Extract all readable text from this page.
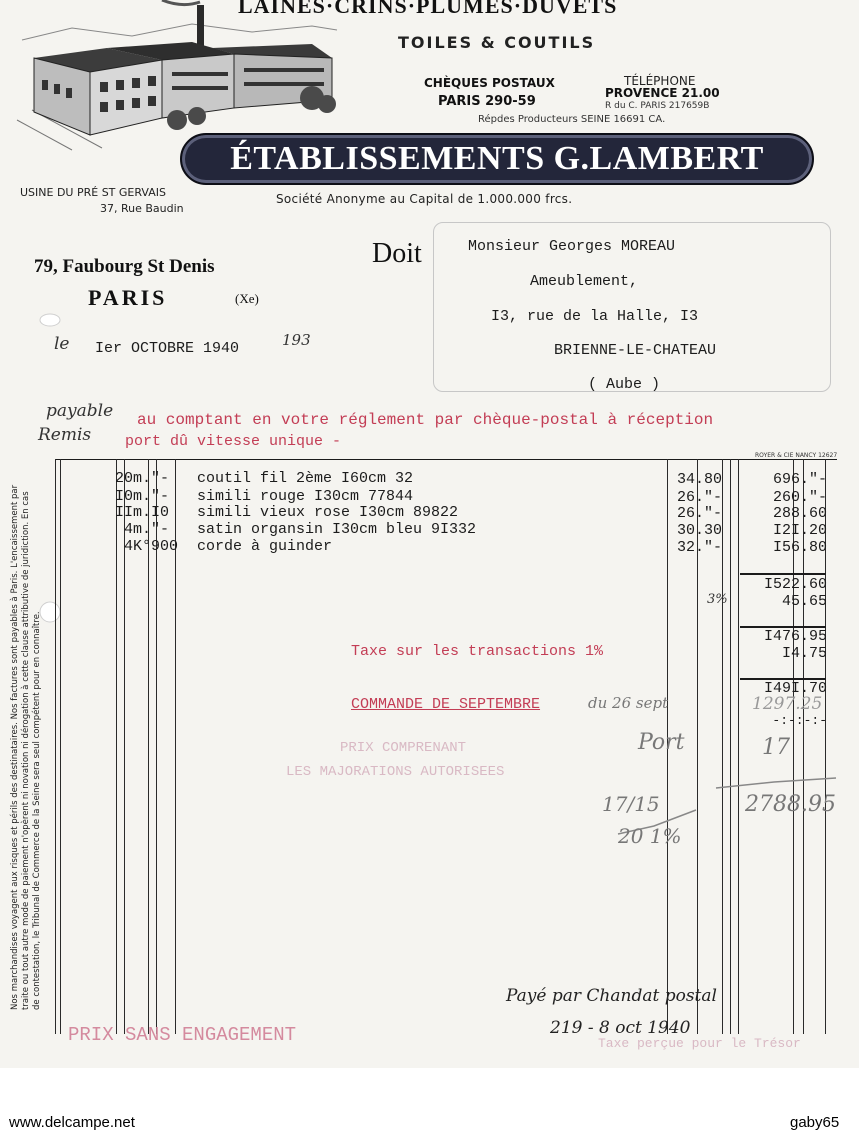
LAINES·CRINS·PLUMES·DUVETS
TOILES & COUTILS
CHÈQUES POSTAUX
PARIS 290-59
TÉLÉPHONE
PROVENCE 21.00
R du C. PARIS 217659B
Répdes Producteurs SEINE 16691 CA.
ÉTABLISSEMENTS G.LAMBERT
USINE DU PRÉ ST GERVAIS
37, Rue Baudin
Société Anonyme au Capital de 1.000.000 frcs.
79, Faubourg St Denis
PARIS	(Xe)
le Ier OCTOBRE 1940	193
Doit	Monsieur Georges MOREAU
Ameublement,
I3, rue de la Halle, I3
BRIENNE-LE-CHATEAU
( Aube )
payable au comptant en votre réglement par chèque-postal à réception
Remis port dû vitesse unique -
ROYER & CIE NANCY 12627
20m."- coutil fil 2ème I60cm 32	34.80	696."-
I0m."- simili rouge I30cm 77844	26."-	260."-
IIm.I0 simili vieux rose I30cm 89822	26."-	288.60
4m."- satin organsin I30cm bleu 9I332	30.30	I2I.20
4K°900 corde à guinder	32."-	I56.80
I522.60
3%	45.65
I476.95
Taxe sur les transactions 1%	I4.75
I49I.70
COMMANDE DE SEPTEMBRE
-:-:-:-
PRIX COMPRENANT
LES MAJORATIONS AUTORISEES
du 26 sept	1297.25
Port	17
2788.95
17/15
20 1%
Payé par Chandat postal
219 - 8 oct 1940
PRIX SANS ENGAGEMENT	Taxe perçue pour le Trésor
Nos marchandises voyagent aux risques et périls des destinataires. Nos factures sont payables à Paris. L'encaissement par traite ou tout autre mode de paiement n'opèrent ni novation ni dérogation à cette clause attributive de juridiction. En cas de contestation, le Tribunal de Commerce de la Seine sera seul compétent pour en connaître.
www.delcampe.net	gaby65
